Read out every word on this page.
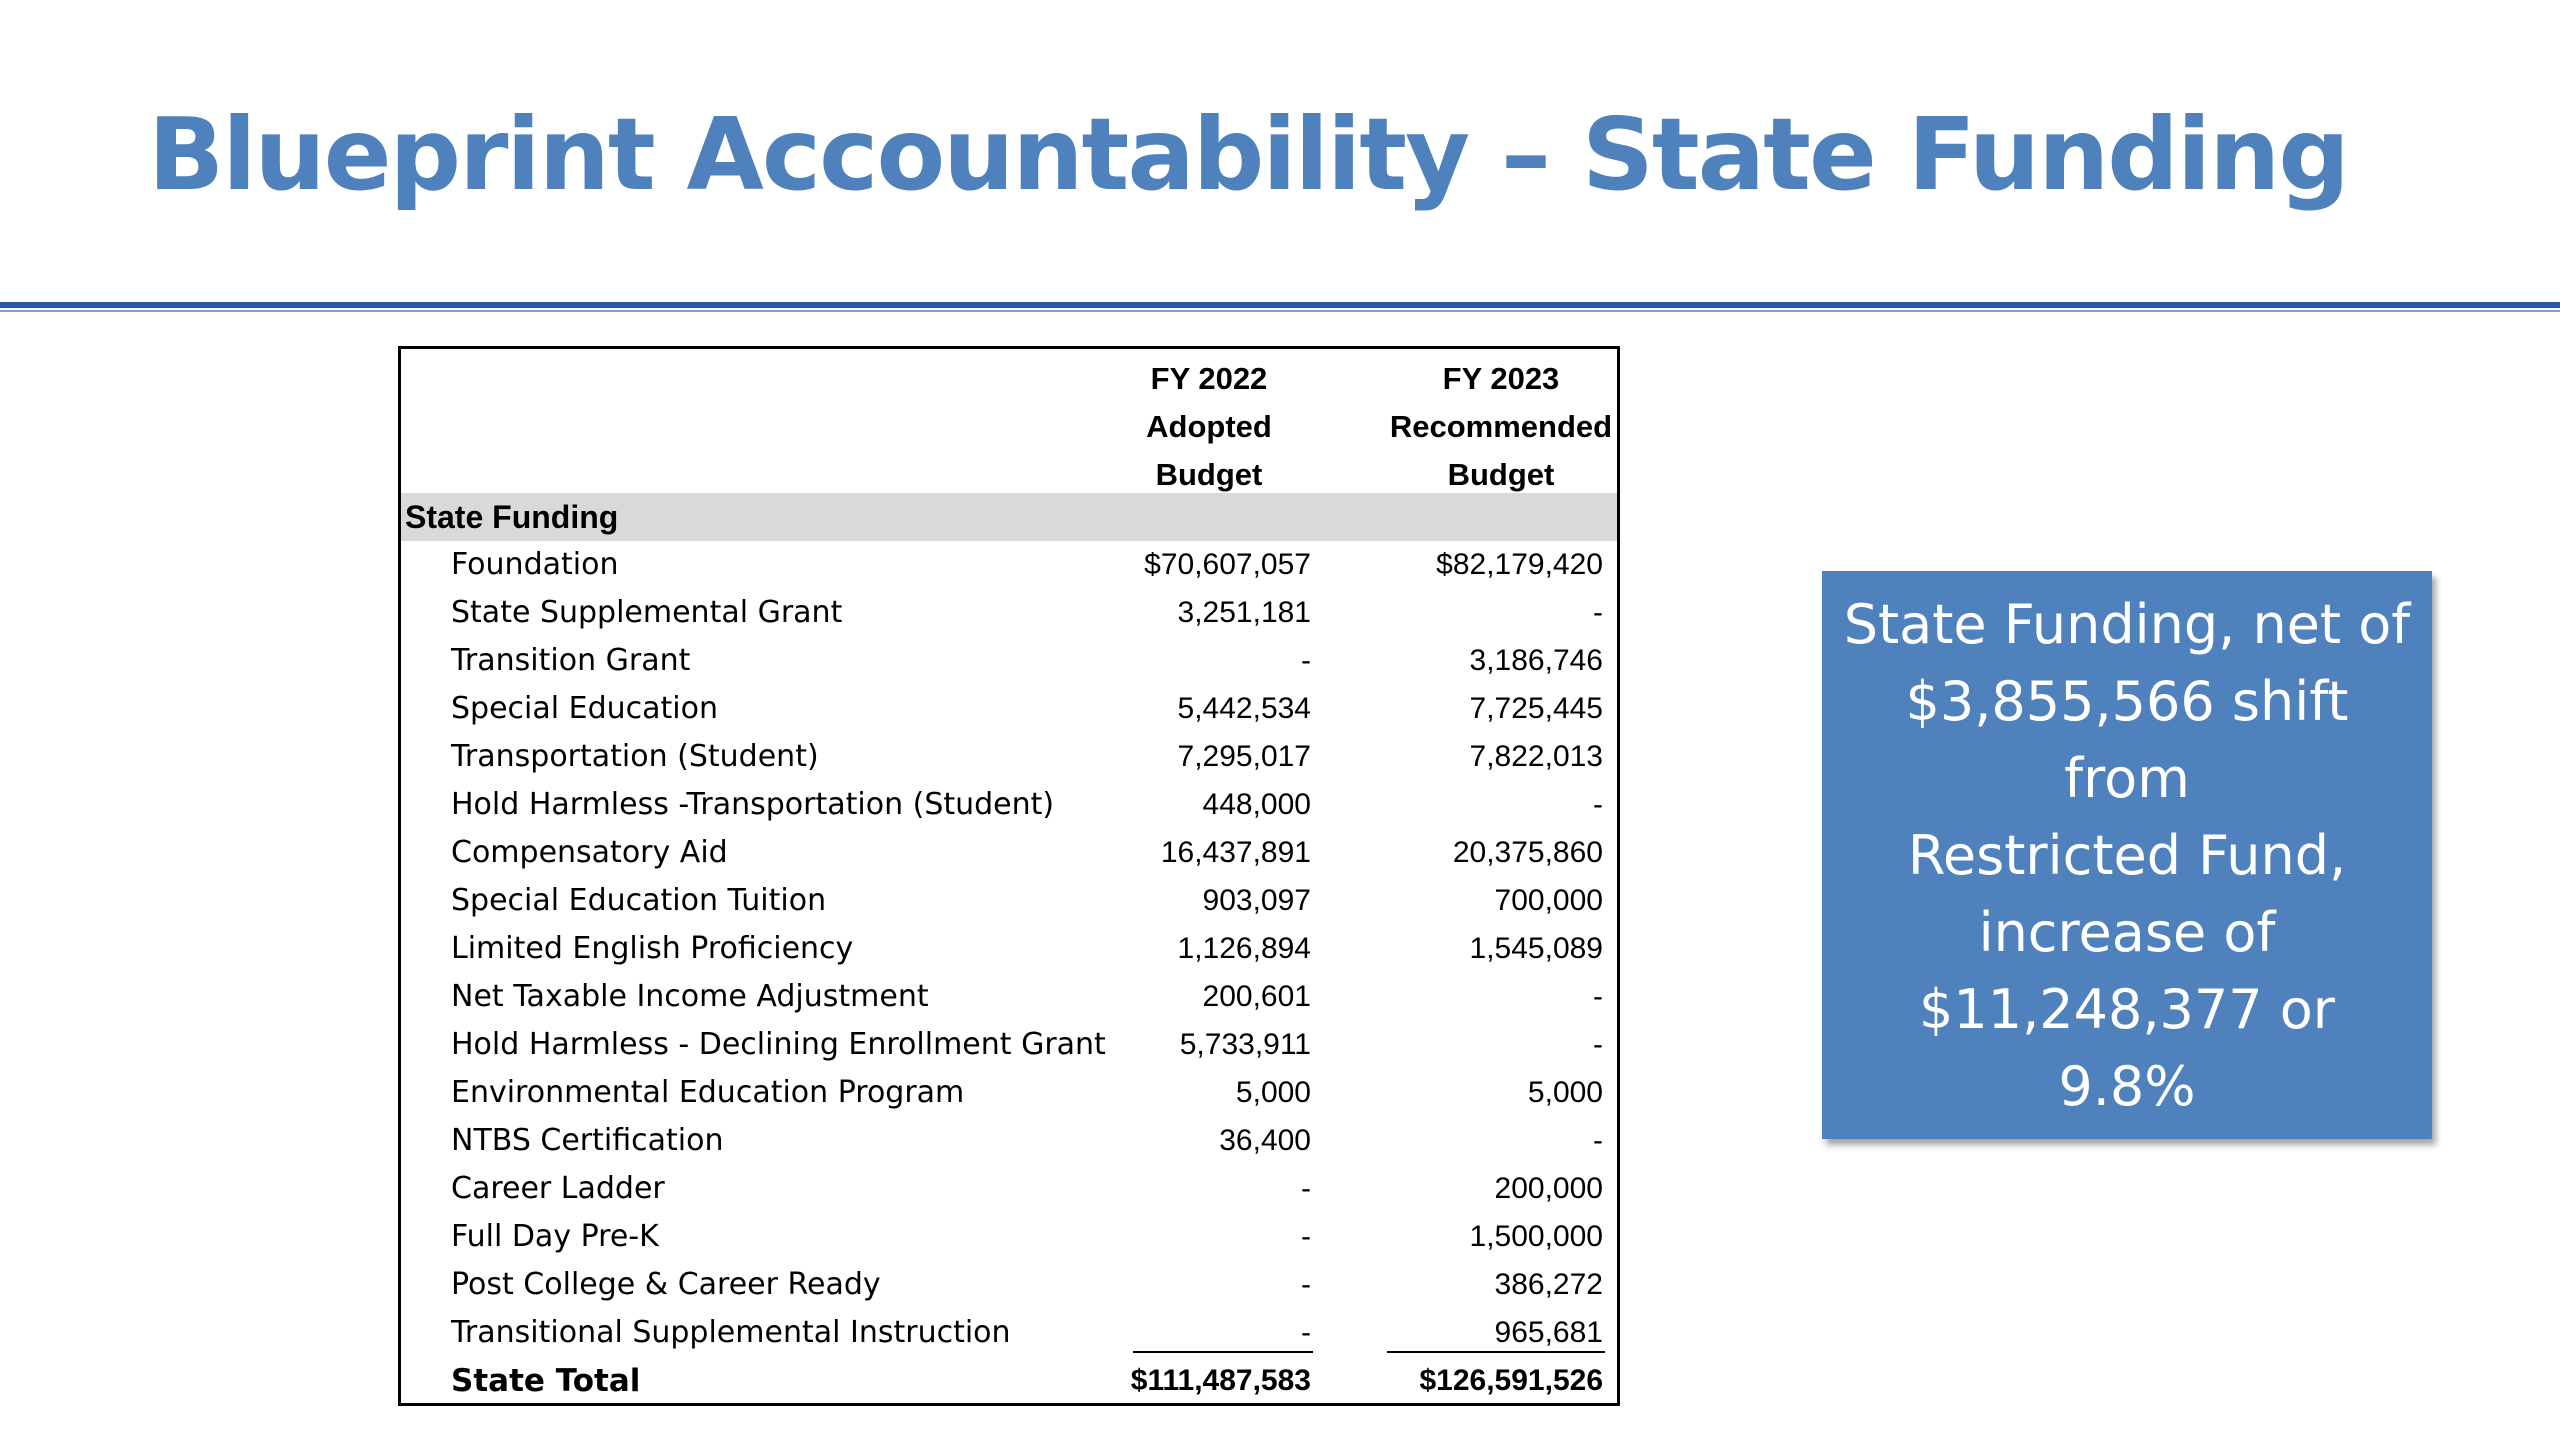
Blueprint Accountability – State Funding
FY 2022
Adopted
Budget
FY 2023
Recommended
Budget
State Funding
Foundation	$70,607,057	$82,179,420
State Supplemental Grant	3,251,181	-
Transition Grant	-	3,186,746
Special Education	5,442,534	7,725,445
Transportation (Student)	7,295,017	7,822,013
Hold Harmless -Transportation (Student)	448,000	-
Compensatory Aid	16,437,891	20,375,860
Special Education Tuition	903,097	700,000
Limited English Proficiency	1,126,894	1,545,089
Net Taxable Income Adjustment	200,601	-
Hold Harmless - Declining Enrollment Grant 5,733,911	-
Environmental Education Program	5,000	5,000
NTBS Certification	36,400	-
Career Ladder	-	200,000
Full Day Pre-K	-	1,500,000
Post College & Career Ready	-	386,272
Transitional Supplemental Instruction	-	965,681
State Total	$111,487,583	$126,591,526

State Funding, net of
$3,855,566 shift from
Restricted Fund,
increase of
$11,248,377 or 9.8%
